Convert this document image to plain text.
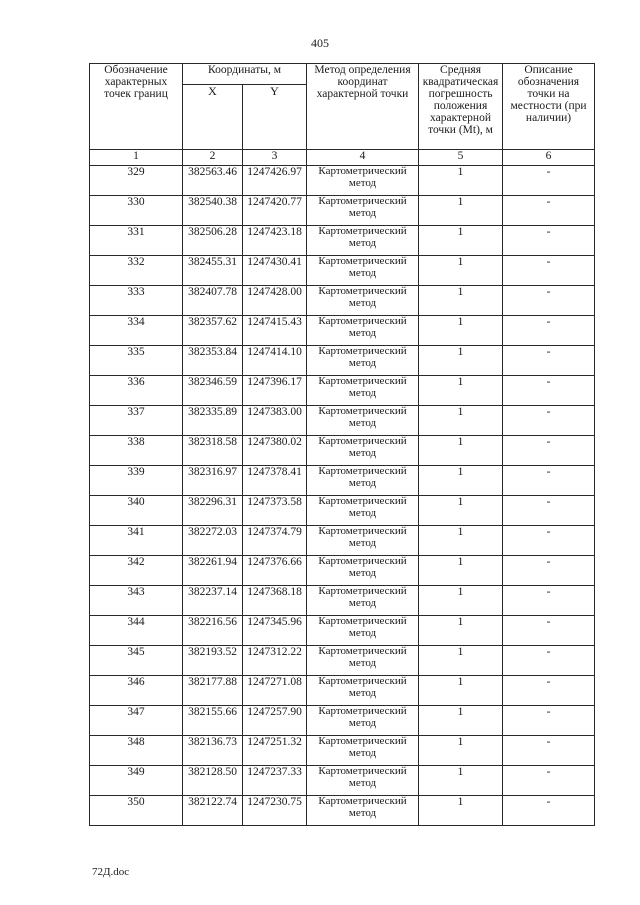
405
Обозначение характерных точек границ	Координаты, м		Метод определения координат характерной точки	Средняя квадратическая погрешность положения характерной точки (Mt), м	Описание обозначения точки на местности (при наличии)
	X	Y			
1	2	3	4	5	6
329	382563.46	1247426.97	Картометрический метод	1	-
330	382540.38	1247420.77	Картометрический метод	1	-
331	382506.28	1247423.18	Картометрический метод	1	-
332	382455.31	1247430.41	Картометрический метод	1	-
333	382407.78	1247428.00	Картометрический метод	1	-
334	382357.62	1247415.43	Картометрический метод	1	-
335	382353.84	1247414.10	Картометрический метод	1	-
336	382346.59	1247396.17	Картометрический метод	1	-
337	382335.89	1247383.00	Картометрический метод	1	-
338	382318.58	1247380.02	Картометрический метод	1	-
339	382316.97	1247378.41	Картометрический метод	1	-
340	382296.31	1247373.58	Картометрический метод	1	-
341	382272.03	1247374.79	Картометрический метод	1	-
342	382261.94	1247376.66	Картометрический метод	1	-
343	382237.14	1247368.18	Картометрический метод	1	-
344	382216.56	1247345.96	Картометрический метод	1	-
345	382193.52	1247312.22	Картометрический метод	1	-
346	382177.88	1247271.08	Картометрический метод	1	-
347	382155.66	1247257.90	Картометрический метод	1	-
348	382136.73	1247251.32	Картометрический метод	1	-
349	382128.50	1247237.33	Картометрический метод	1	-
350	382122.74	1247230.75	Картометрический метод	1	-
72Д.doc
